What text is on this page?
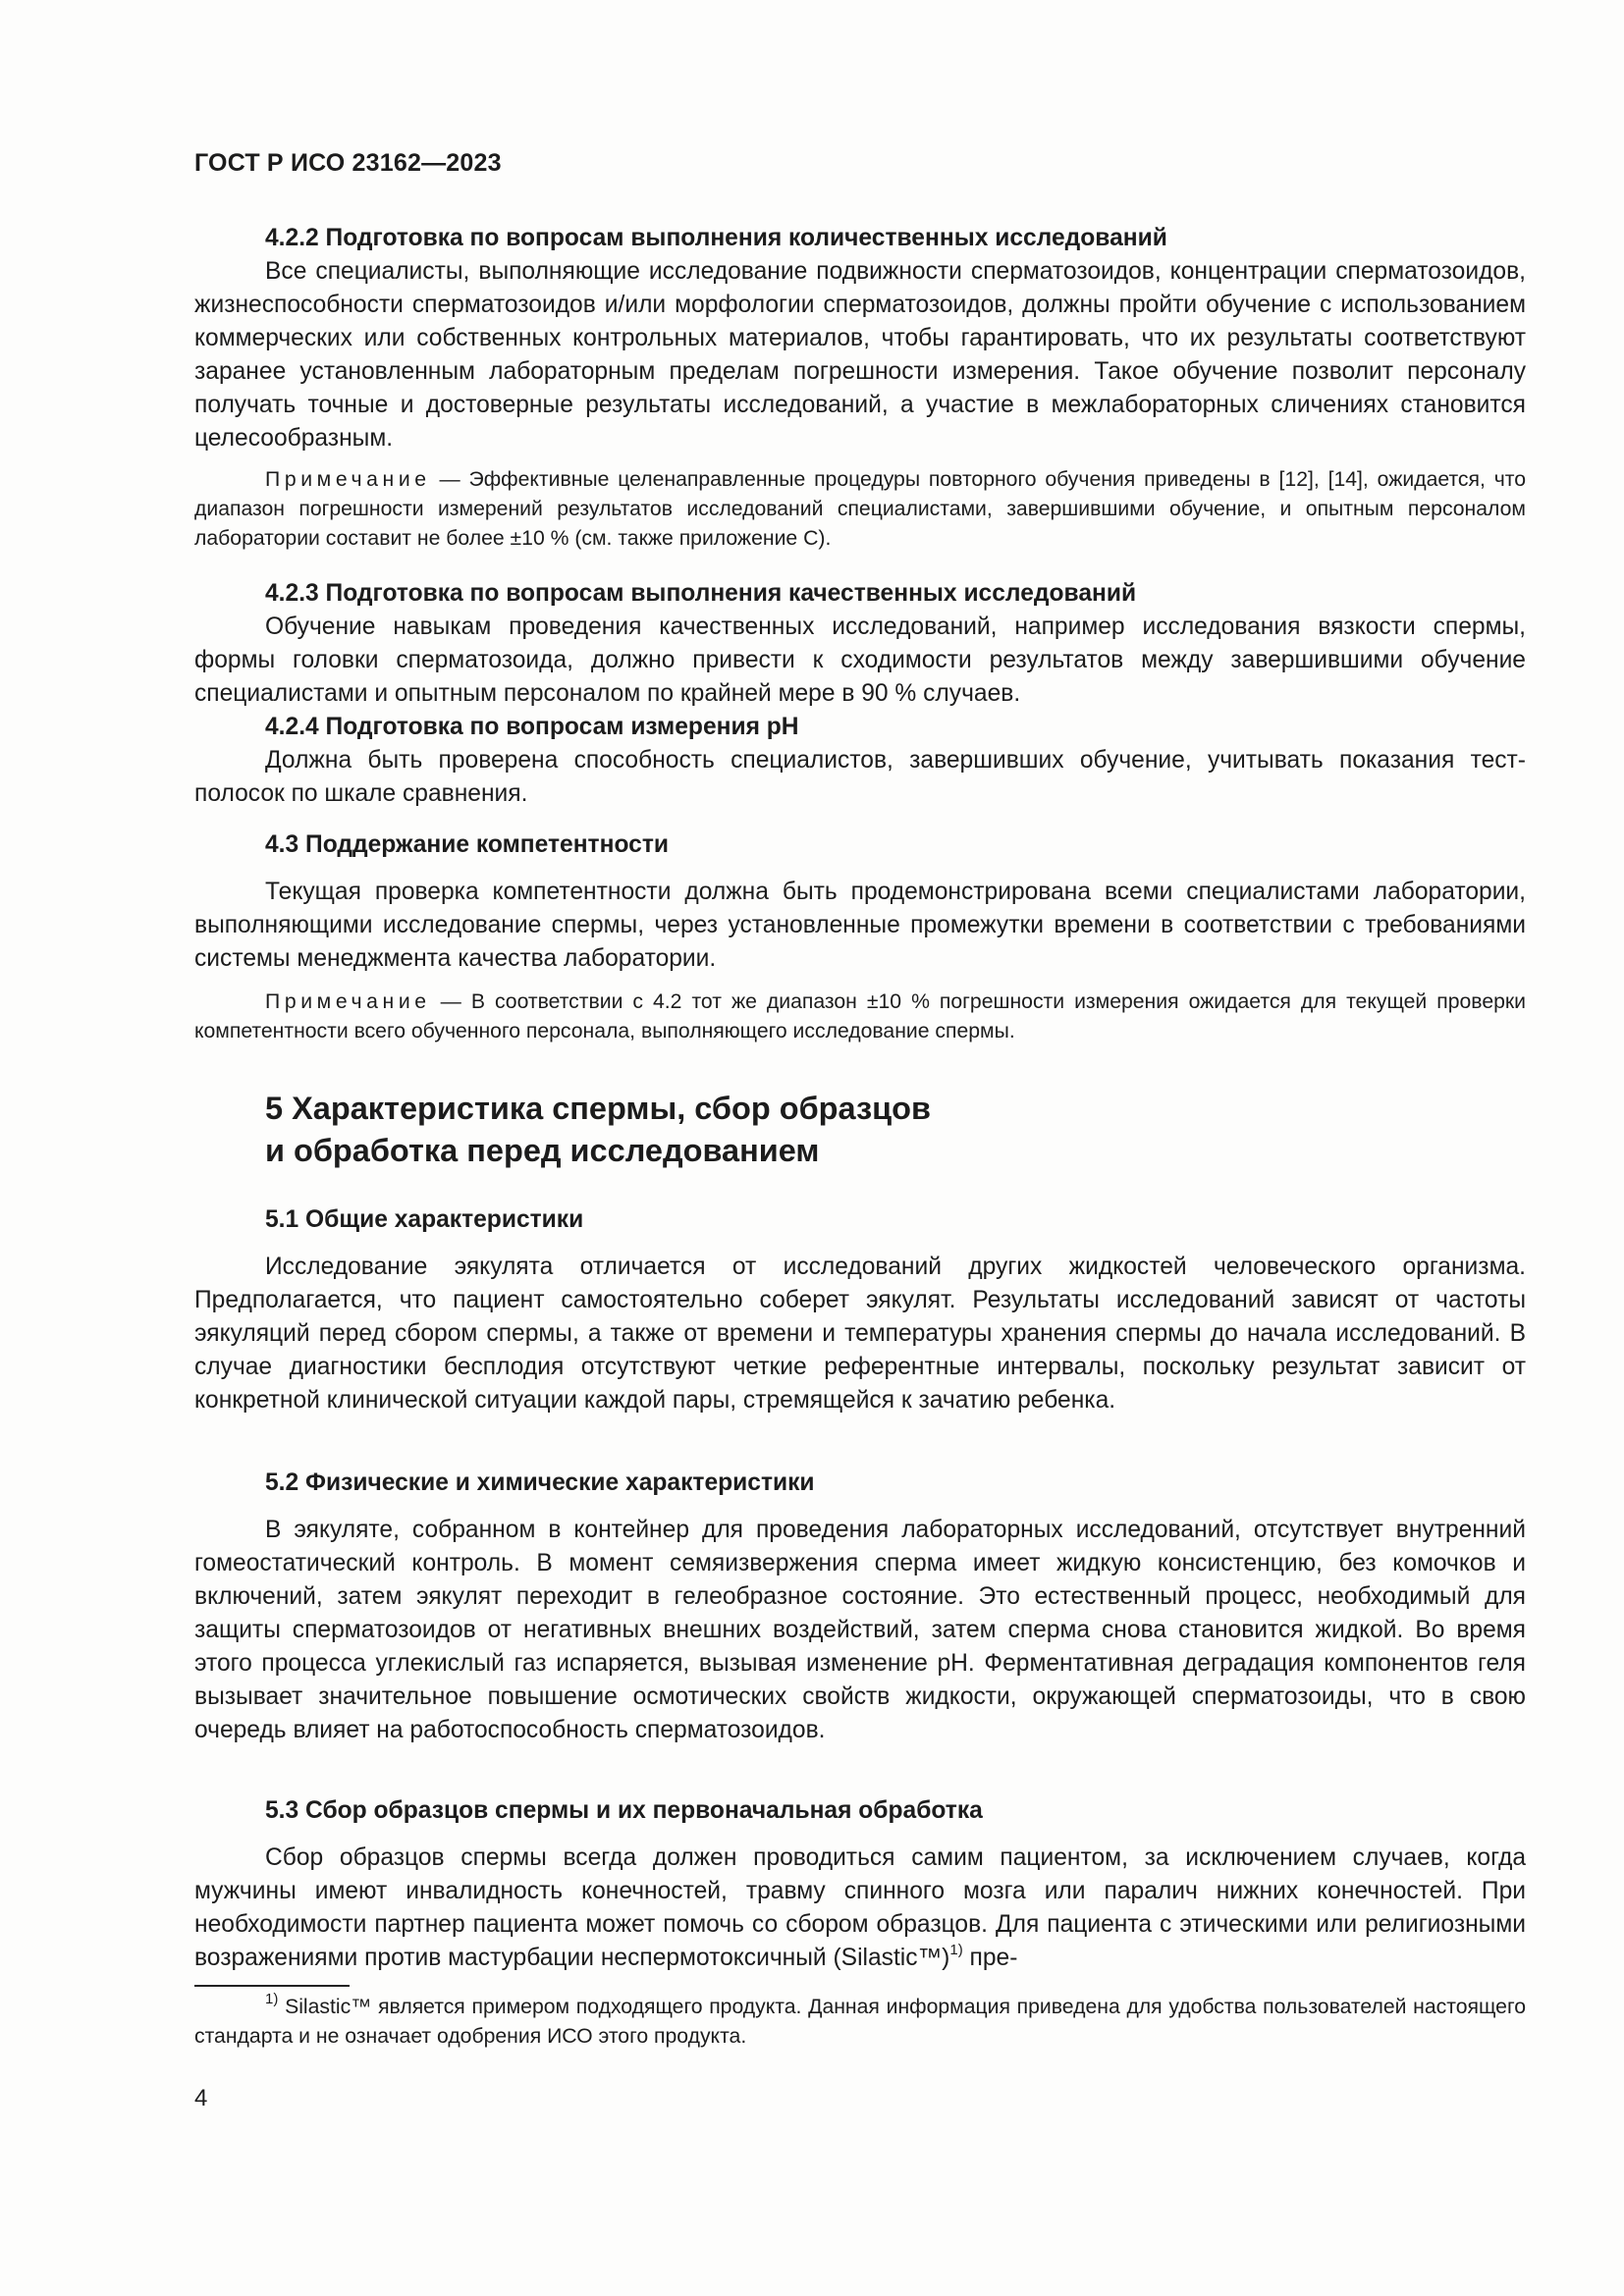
ГОСТ Р ИСО 23162—2023

4.2.2 Подготовка по вопросам выполнения количественных исследований

Все специалисты, выполняющие исследование подвижности сперматозоидов, концентрации сперматозоидов, жизнеспособности сперматозоидов и/или морфологии сперматозоидов, должны пройти обучение с использованием коммерческих или собственных контрольных материалов, чтобы гарантировать, что их результаты соответствуют заранее установленным лабораторным пределам погрешности измерения. Такое обучение позволит персоналу получать точные и достоверные результаты исследований, а участие в межлабораторных сличениях становится целесообразным.

Примечание — Эффективные целенаправленные процедуры повторного обучения приведены в [12], [14], ожидается, что диапазон погрешности измерений результатов исследований специалистами, завершившими обучение, и опытным персоналом лаборатории составит не более ±10 % (см. также приложение С).

4.2.3 Подготовка по вопросам выполнения качественных исследований

Обучение навыкам проведения качественных исследований, например исследования вязкости спермы, формы головки сперматозоида, должно привести к сходимости результатов между завершившими обучение специалистами и опытным персоналом по крайней мере в 90 % случаев.

4.2.4 Подготовка по вопросам измерения pH

Должна быть проверена способность специалистов, завершивших обучение, учитывать показания тест-полосок по шкале сравнения.

4.3 Поддержание компетентности

Текущая проверка компетентности должна быть продемонстрирована всеми специалистами лаборатории, выполняющими исследование спермы, через установленные промежутки времени в соответствии с требованиями системы менеджмента качества лаборатории.

Примечание — В соответствии с 4.2 тот же диапазон ±10 % погрешности измерения ожидается для текущей проверки компетентности всего обученного персонала, выполняющего исследование спермы.

5 Характеристика спермы, сбор образцов

и обработка перед исследованием

5.1 Общие характеристики

Исследование эякулята отличается от исследований других жидкостей человеческого организма. Предполагается, что пациент самостоятельно соберет эякулят. Результаты исследований зависят от частоты эякуляций перед сбором спермы, а также от времени и температуры хранения спермы до начала исследований. В случае диагностики бесплодия отсутствуют четкие референтные интервалы, поскольку результат зависит от конкретной клинической ситуации каждой пары, стремящейся к зачатию ребенка.

5.2 Физические и химические характеристики

В эякуляте, собранном в контейнер для проведения лабораторных исследований, отсутствует внутренний гомеостатический контроль. В момент семяизвержения сперма имеет жидкую консистенцию, без комочков и включений, затем эякулят переходит в гелеобразное состояние. Это естественный процесс, необходимый для защиты сперматозоидов от негативных внешних воздействий, затем сперма снова становится жидкой. Во время этого процесса углекислый газ испаряется, вызывая изменение рН. Ферментативная деградация компонентов геля вызывает значительное повышение осмотических свойств жидкости, окружающей сперматозоиды, что в свою очередь влияет на работоспособность сперматозоидов.

5.3 Сбор образцов спермы и их первоначальная обработка

Сбор образцов спермы всегда должен проводиться самим пациентом, за исключением случаев, когда мужчины имеют инвалидность конечностей, травму спинного мозга или паралич нижних конечностей. При необходимости партнер пациента может помочь со сбором образцов. Для пациента с этическими или религиозными возражениями против мастурбации неспермотоксичный (Silastic™)$^{1)}$ пре-

$^{1)}$ Silastic™ является примером подходящего продукта. Данная информация приведена для удобства пользователей настоящего стандарта и не означает одобрения ИСО этого продукта.

4
